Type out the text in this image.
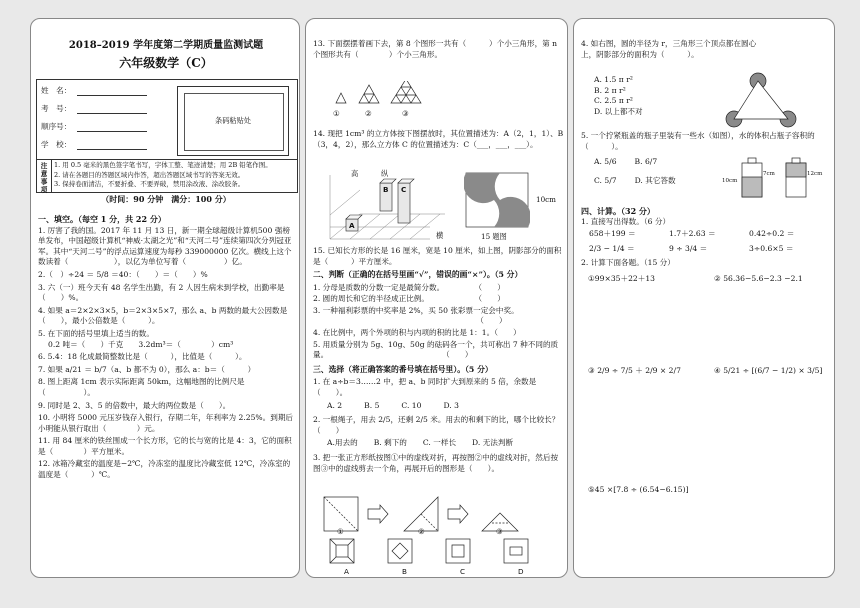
2018–2019 学年度第二学期质量监测试题
六年级数学（C）
姓　名：
考　号：
顺序号：
学　校：
条码粘贴处
注 意 事 项
1. 用 0.5 毫米的黑色签字笔书写，字体工整、笔迹清楚；用 2B 铅笔作图。
2. 请在各题目的答题区域内作答，超出答题区域书写的答案无效。
3. 保持卷面清洁，不要折叠、不要弄破，禁用涂改液、涂改胶条。
（时间：90 分钟　满分：100 分）
一、填空。（每空 1 分，共 22 分）
1. 厉害了我的国。2017 年 11 月 13 日，新一期全球超级计算机500 强榜单发布，中国超级计算机“神威·太湖之光”和“天河二号”连续第四次分列冠亚军。其中“天河二号”的浮点运算速度为每秒 339000000 亿次。横线上这个数读着（　　　　　　），以亿为单位写着（　　　　　）亿。
2.（　）÷24 ＝ 5/8 ＝40：（　　）＝（　　）%
3. 六（一）班今天有 48 名学生出勤，有 2 人因生病未到学校，出勤率是（　　）%。
4. 如果 a＝2×2×3×5，b＝2×3×5×7，那么 a、b 两数的最大公因数是（　　），最小公倍数是（　　　）。
5. 在下面的括号里填上适当的数。
0.2 吨＝（　　）千克　　3.2dm³＝（　　　　）cm³
6. 5.4：18 化成最简整数比是（　　　），比值是（　　　）。
7. 如果 a/21 ＝ b/7（a、b 都不为 0），那么 a：b＝（　　　）
8. 图上距离 1cm 表示实际距离 50km，这幅地图的比例尺是（　　　　　）。
9. 同时是 2、3、5 的倍数中，最大的两位数是（　　）。
10. 小明将 5000 元压岁钱存入银行，存期二年，年利率为 2.25%。到期后小明能从银行取出（　　　　）元。
11. 用 84 厘米的铁丝围成一个长方形，它的长与宽的比是 4：3，它的面积是（　　　　）平方厘米。
12. 冰箱冷藏室的温度是−2℃，冷冻室的温度比冷藏室低 12℃，冷冻室的温度是（　　　）℃。
13. 下面摆摆着画下去，第 8 个图形一共有（　　　）个小三角形，第 n 个图形共有（　　　　）个小三角形。
①	②	③
14. 现把 1cm³ 的立方体按下图摆放时，其位置描述为：A（2，1，1）、B（3，4，2），那么立方体 C 的位置描述为：C（___，___，___）。
高	纵
横
A
B C
10cm
15 题图
15. 已知长方形的长是 16 厘米，宽是 10 厘米，如上图，阴影部分的面积是（　　　）平方厘米。
二、判断（正确的在括号里画“√”，错误的画“×”）。（5 分）
1. 分母是质数的分数一定是最简分数。　　　　　（　　）
2. 圆的周长和它的半径成正比例。　　　　　　　（　　）
3. 一种福利彩票的中奖率是 2%，买 50 张彩票一定会中奖。
　　　　　　　　　　　　　　　　　　　　　　（　　）
4. 在比例中，两个外项的积与内项的积的比是 1：1。（　　）
5. 用质量分别为 5g、10g、50g 的砝码各一个，共可称出 7 种不同的质量。　　　　　　　　　　　　　　　　（　　）
三、选择（将正确答案的番号填在括号里）。（5 分）
1. 在 a÷b＝3……2 中，把 a、b 同时扩大到原来的 5 倍，余数是（　　）。
A. 2	B. 5	C. 10	D. 3
2. 一根绳子，用去 2/5，还剩 2/5 米。用去的和剩下的比，哪个比较长？（　　）
A.用去的 B. 剩下的 C. 一样长 D. 无法判断
3. 把一张正方形纸按图①中的虚线对折，再按图②中的虚线对折，然后按图③中的虚线剪去一个角，再展开后的图形是（　　）。
①	②	③
A	B	C	D
4. 如右图，圆的半径为 r，三角形三个顶点都在圆心上，阴影部分的面积为（　　　）。
A. 1.5 π r²
B. 2 π r²
C. 2.5 π r²
D. 以上都不对
5. 一个拧紧瓶盖的瓶子里装有一些水（如图），水的体积占瓶子容积的（　　　）。
A. 5/6 B. 6/7
C. 5/7 D. 其它答数	10cm
7cm	12cm
四、计算。（32 分）
1. 直接写出得数。（6 分）
658＋199 ＝	1.7＋2.63 ＝	0.42÷0.2 ＝
2/3 − 1/4 ＝	9 ÷ 3/4 ＝	3÷0.6×5 ＝
2. 计算下面各题。（15 分）
①99×35＋22＋13	② 56.36−5.6−2.3 −2.1
③ 2/9 ÷ 7/5 ＋ 2/9 × 2/7	④ 5/21 ÷ [(6/7 − 1/2) × 3/5]
⑤45 ×[7.8 ÷ (6.54−6.15)]
